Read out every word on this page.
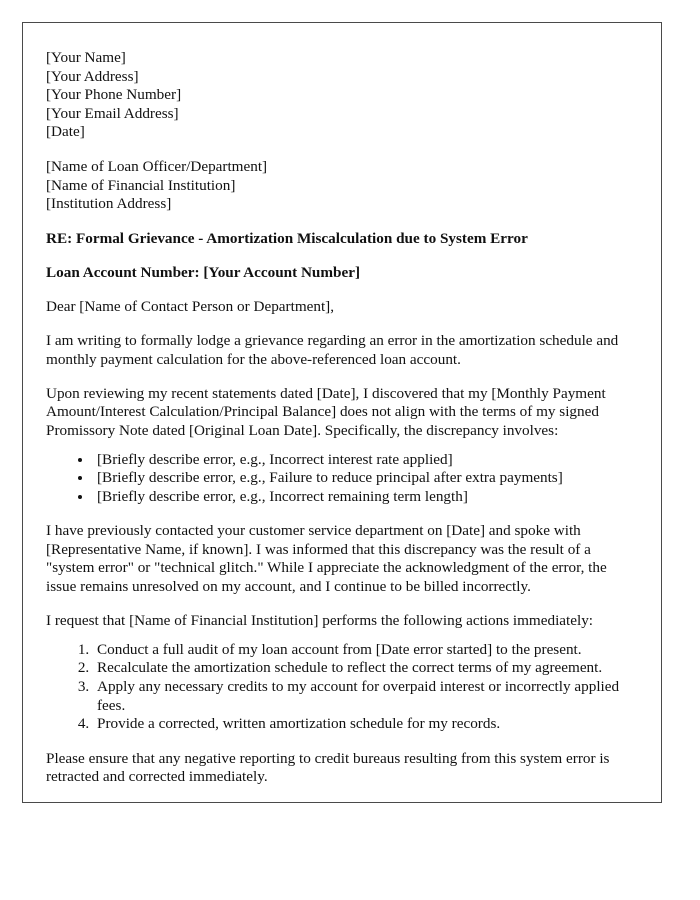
[Your Name]
[Your Address]
[Your Phone Number]
[Your Email Address]
[Date]
[Name of Loan Officer/Department]
[Name of Financial Institution]
[Institution Address]

RE: Formal Grievance - Amortization Miscalculation due to System Error

Loan Account Number: [Your Account Number]

Dear [Name of Contact Person or Department],

I am writing to formally lodge a grievance regarding an error in the amortization schedule and monthly payment calculation for the above-referenced loan account.

Upon reviewing my recent statements dated [Date], I discovered that my [Monthly Payment Amount/Interest Calculation/Principal Balance] does not align with the terms of my signed Promissory Note dated [Original Loan Date]. Specifically, the discrepancy involves:

• [Briefly describe error, e.g., Incorrect interest rate applied]
• [Briefly describe error, e.g., Failure to reduce principal after extra payments]
• [Briefly describe error, e.g., Incorrect remaining term length]

I have previously contacted your customer service department on [Date] and spoke with [Representative Name, if known]. I was informed that this discrepancy was the result of a "system error" or "technical glitch." While I appreciate the acknowledgment of the error, the issue remains unresolved on my account, and I continue to be billed incorrectly.

I request that [Name of Financial Institution] performs the following actions immediately:

1. Conduct a full audit of my loan account from [Date error started] to the present.
2. Recalculate the amortization schedule to reflect the correct terms of my agreement.
3. Apply any necessary credits to my account for overpaid interest or incorrectly applied fees.
4. Provide a corrected, written amortization schedule for my records.

Please ensure that any negative reporting to credit bureaus resulting from this system error is retracted and corrected immediately.
